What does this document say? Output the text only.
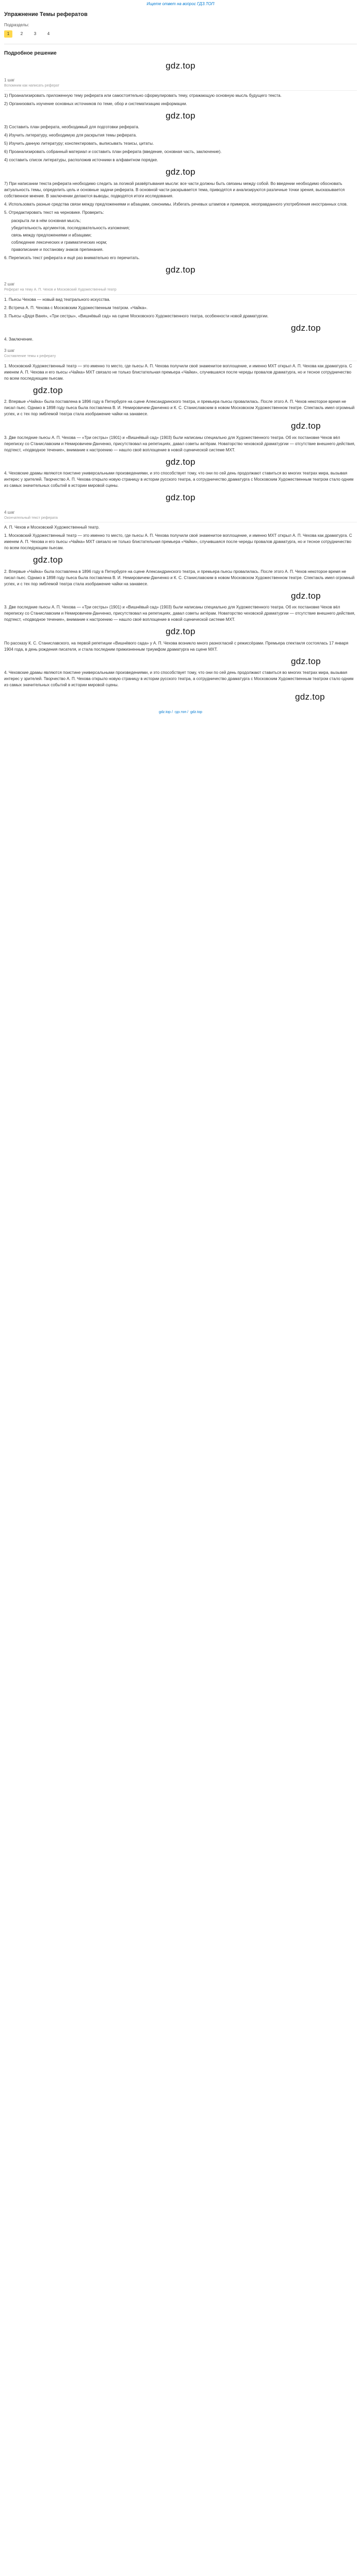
Ищете ответ на вопрос ГДЗ.ТОП
Упражнение Темы рефератов
Подразделы:
1	2	3	4
Подробное решение
gdz.top
1 шаг
Вспомним как написать реферат

1) Проанализировать приложенную тему реферата или самостоятельно сформулировать тему, отражающую основную мысль будущего текста.

2) Организовать изучение основных источников по теме, обор и систематизацию информации.

gdz.top

3) Составить план реферата, необходимый для подготовки реферата.

4) Изучить литературу, необходимую для раскрытия темы реферата.

5) Изучить данную литературу; конспектировать, выписывать тезисы, цитаты.

6) Проанализировать собранный материал и составить план реферата (введение, основная часть, заключение).

4) составить список литературы, расположив источники в алфавитном порядке.

gdz.top

7) При написании текста реферата необходимо следить за логикой развёртывания мысли: все части должны быть связаны между собой. Во введении необходимо обосновать актуальность темы, определить цель и основные задачи реферата. В основной части раскрывается тема, приводятся и анализируются различные точки зрения, высказывается собственное мнение. В заключении делаются выводы, подводятся итоги исследования.

4. Использовать разные средства связи между предложениями и абзацами, синонимы. Избегать речевых штампов и примеров, неоправданного употребления иностранных слов.

5. Отредактировать текст на черновике. Проверить:

раскрыта ли в нём основная мысль;
убедительность аргументов, последовательность изложения;
связь между предложениями и абзацами;
соблюдение лексических и грамматических норм;
правописание и постановку знаков препинания.

6. Переписать текст реферата и ещё раз внимательно его перечитать.

gdz.top
2 шаг
Реферат на тему А. П. Чехов и Московский Художественный театр

1. Пьесы Чехова — новый вид театрального искусства.

2. Встреча А. П. Чехова с Московским Художественным театром. «Чайка».

3. Пьесы «Дядя Ваня», «Три сестры», «Вишнёвый сад» на сцене Московского Художественного театра, особенности новой драматургии.

gdz.top

4. Заключение.

3 шаг
Составление темы к реферату

1. Московский Художественный театр — это именно то место, где пьесы А. П. Чехова получили своё знаменитое воплощение, и именно МХТ открыл А. П. Чехова как драматурга. С именем А. П. Чехова и его пьесы «Чайка» МХТ связало не только блистательная премьера «Чайки», случившаяся после череды провалов драматурга, но и тесное сотрудничество по всем последующим пьесам.

gdz.top

2. Впервые «Чайка» была поставлена в 1896 году в Петербурге на сцене Александринского театра, и премьера пьесы провалилась. После этого А. П. Чехов некоторое время не писал пьес. Однако в 1898 году пьеса была поставлена В. И. Немировичем-Данченко и К. С. Станиславским в новом Московском Художественном театре. Спектакль имел огромный успех, и с тех пор эмблемой театра стала изображение чайки на занавесе.

gdz.top

3. Две последние пьесы А. П. Чехова — «Три сестры» (1901) и «Вишнёвый сад» (1903) были написаны специально для Художественного театра. Об их постановке Чехов вёл переписку со Станиславским и Немировичем-Данченко, присутствовал на репетициях, давал советы актёрам. Новаторство чеховской драматургии — отсутствие внешнего действия, подтекст, «подводное течение», внимание к настроению — нашло своё воплощение в новой сценической системе МХТ.

gdz.top

4. Чеховские драмы являются поистине универсальными произведениями, и это способствует тому, что они по сей день продолжают ставиться во многих театрах мира, вызывая интерес у зрителей. Творчество А. П. Чехова открыло новую страницу в истории русского театра, а сотрудничество драматурга с Московским Художественным театром стало одним из самых значительных событий в истории мировой сцены.

gdz.top
4 шаг
Окончательный текст реферата

А. П. Чехов и Московский Художественный театр.

1. Московский Художественный театр — это именно то место, где пьесы А. П. Чехова получили своё знаменитое воплощение, и именно МХТ открыл А. П. Чехова как драматурга. С именем А. П. Чехова и его пьесы «Чайка» МХТ связало не только блистательная премьера «Чайки», случившаяся после череды провалов драматурга, но и тесное сотрудничество по всем последующим пьесам.

gdz.top

2. Впервые «Чайка» была поставлена в 1896 году в Петербурге на сцене Александринского театра, и премьера пьесы провалилась. После этого А. П. Чехов некоторое время не писал пьес. Однако в 1898 году пьеса была поставлена В. И. Немировичем-Данченко и К. С. Станиславским в новом Московском Художественном театре. Спектакль имел огромный успех, и с тех пор эмблемой театра стала изображение чайки на занавесе.

gdz.top

3. Две последние пьесы А. П. Чехова — «Три сестры» (1901) и «Вишнёвый сад» (1903) были написаны специально для Художественного театра. Об их постановке Чехов вёл переписку со Станиславским и Немировичем-Данченко, присутствовал на репетициях, давал советы актёрам. Новаторство чеховской драматургии — отсутствие внешнего действия, подтекст, «подводное течение», внимание к настроению — нашло своё воплощение в новой сценической системе МХТ.

gdz.top

По рассказу К. С. Станиславского, на первой репетиции «Вишнёвого сада» у А. П. Чехова возникло много разногласий с режиссёрами. Премьера спектакля состоялась 17 января 1904 года, в день рождения писателя, и стала последним прижизненным триумфом драматурга на сцене МХТ.

gdz.top

4. Чеховские драмы являются поистине универсальными произведениями, и это способствует тому, что они по сей день продолжают ставиться во многих театрах мира, вызывая интерес у зрителей. Творчество А. П. Чехова открыло новую страницу в истории русского театра, а сотрудничество драматурга с Московским Художественным театром стало одним из самых значительных событий в истории мировой сцены.

gdz.top
gdz.top / гдз.топ / gdz.top
